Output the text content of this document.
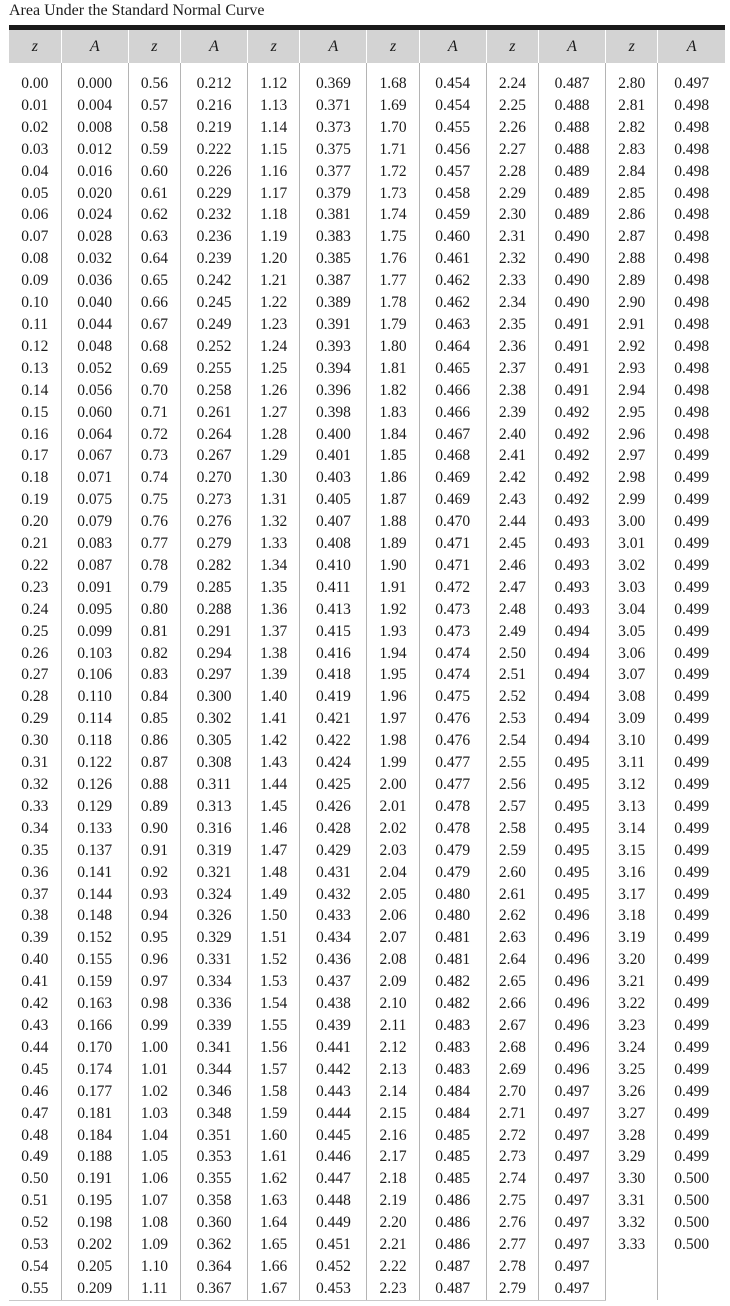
Area Under the Standard Normal Curve
z	A	z	A	z	A	z	A	z	A	z	A

0.00	0.000	0.56	0.212	1.12	0.369	1.68	0.454	2.24	0.487	2.80	0.497
0.01	0.004	0.57	0.216	1.13	0.371	1.69	0.454	2.25	0.488	2.81	0.498
0.02	0.008	0.58	0.219	1.14	0.373	1.70	0.455	2.26	0.488	2.82	0.498
0.03	0.012	0.59	0.222	1.15	0.375	1.71	0.456	2.27	0.488	2.83	0.498
0.04	0.016	0.60	0.226	1.16	0.377	1.72	0.457	2.28	0.489	2.84	0.498
0.05	0.020	0.61	0.229	1.17	0.379	1.73	0.458	2.29	0.489	2.85	0.498
0.06	0.024	0.62	0.232	1.18	0.381	1.74	0.459	2.30	0.489	2.86	0.498
0.07	0.028	0.63	0.236	1.19	0.383	1.75	0.460	2.31	0.490	2.87	0.498
0.08	0.032	0.64	0.239	1.20	0.385	1.76	0.461	2.32	0.490	2.88	0.498
0.09	0.036	0.65	0.242	1.21	0.387	1.77	0.462	2.33	0.490	2.89	0.498
0.10	0.040	0.66	0.245	1.22	0.389	1.78	0.462	2.34	0.490	2.90	0.498
0.11	0.044	0.67	0.249	1.23	0.391	1.79	0.463	2.35	0.491	2.91	0.498
0.12	0.048	0.68	0.252	1.24	0.393	1.80	0.464	2.36	0.491	2.92	0.498
0.13	0.052	0.69	0.255	1.25	0.394	1.81	0.465	2.37	0.491	2.93	0.498
0.14	0.056	0.70	0.258	1.26	0.396	1.82	0.466	2.38	0.491	2.94	0.498
0.15	0.060	0.71	0.261	1.27	0.398	1.83	0.466	2.39	0.492	2.95	0.498
0.16	0.064	0.72	0.264	1.28	0.400	1.84	0.467	2.40	0.492	2.96	0.498
0.17	0.067	0.73	0.267	1.29	0.401	1.85	0.468	2.41	0.492	2.97	0.499
0.18	0.071	0.74	0.270	1.30	0.403	1.86	0.469	2.42	0.492	2.98	0.499
0.19	0.075	0.75	0.273	1.31	0.405	1.87	0.469	2.43	0.492	2.99	0.499
0.20	0.079	0.76	0.276	1.32	0.407	1.88	0.470	2.44	0.493	3.00	0.499
0.21	0.083	0.77	0.279	1.33	0.408	1.89	0.471	2.45	0.493	3.01	0.499
0.22	0.087	0.78	0.282	1.34	0.410	1.90	0.471	2.46	0.493	3.02	0.499
0.23	0.091	0.79	0.285	1.35	0.411	1.91	0.472	2.47	0.493	3.03	0.499
0.24	0.095	0.80	0.288	1.36	0.413	1.92	0.473	2.48	0.493	3.04	0.499
0.25	0.099	0.81	0.291	1.37	0.415	1.93	0.473	2.49	0.494	3.05	0.499
0.26	0.103	0.82	0.294	1.38	0.416	1.94	0.474	2.50	0.494	3.06	0.499
0.27	0.106	0.83	0.297	1.39	0.418	1.95	0.474	2.51	0.494	3.07	0.499
0.28	0.110	0.84	0.300	1.40	0.419	1.96	0.475	2.52	0.494	3.08	0.499
0.29	0.114	0.85	0.302	1.41	0.421	1.97	0.476	2.53	0.494	3.09	0.499
0.30	0.118	0.86	0.305	1.42	0.422	1.98	0.476	2.54	0.494	3.10	0.499
0.31	0.122	0.87	0.308	1.43	0.424	1.99	0.477	2.55	0.495	3.11	0.499
0.32	0.126	0.88	0.311	1.44	0.425	2.00	0.477	2.56	0.495	3.12	0.499
0.33	0.129	0.89	0.313	1.45	0.426	2.01	0.478	2.57	0.495	3.13	0.499
0.34	0.133	0.90	0.316	1.46	0.428	2.02	0.478	2.58	0.495	3.14	0.499
0.35	0.137	0.91	0.319	1.47	0.429	2.03	0.479	2.59	0.495	3.15	0.499
0.36	0.141	0.92	0.321	1.48	0.431	2.04	0.479	2.60	0.495	3.16	0.499
0.37	0.144	0.93	0.324	1.49	0.432	2.05	0.480	2.61	0.495	3.17	0.499
0.38	0.148	0.94	0.326	1.50	0.433	2.06	0.480	2.62	0.496	3.18	0.499
0.39	0.152	0.95	0.329	1.51	0.434	2.07	0.481	2.63	0.496	3.19	0.499
0.40	0.155	0.96	0.331	1.52	0.436	2.08	0.481	2.64	0.496	3.20	0.499
0.41	0.159	0.97	0.334	1.53	0.437	2.09	0.482	2.65	0.496	3.21	0.499
0.42	0.163	0.98	0.336	1.54	0.438	2.10	0.482	2.66	0.496	3.22	0.499
0.43	0.166	0.99	0.339	1.55	0.439	2.11	0.483	2.67	0.496	3.23	0.499
0.44	0.170	1.00	0.341	1.56	0.441	2.12	0.483	2.68	0.496	3.24	0.499
0.45	0.174	1.01	0.344	1.57	0.442	2.13	0.483	2.69	0.496	3.25	0.499
0.46	0.177	1.02	0.346	1.58	0.443	2.14	0.484	2.70	0.497	3.26	0.499
0.47	0.181	1.03	0.348	1.59	0.444	2.15	0.484	2.71	0.497	3.27	0.499
0.48	0.184	1.04	0.351	1.60	0.445	2.16	0.485	2.72	0.497	3.28	0.499
0.49	0.188	1.05	0.353	1.61	0.446	2.17	0.485	2.73	0.497	3.29	0.499
0.50	0.191	1.06	0.355	1.62	0.447	2.18	0.485	2.74	0.497	3.30	0.500
0.51	0.195	1.07	0.358	1.63	0.448	2.19	0.486	2.75	0.497	3.31	0.500
0.52	0.198	1.08	0.360	1.64	0.449	2.20	0.486	2.76	0.497	3.32	0.500
0.53	0.202	1.09	0.362	1.65	0.451	2.21	0.486	2.77	0.497	3.33	0.500
0.54	0.205	1.10	0.364	1.66	0.452	2.22	0.487	2.78	0.497		
0.55	0.209	1.11	0.367	1.67	0.453	2.23	0.487	2.79	0.497		
